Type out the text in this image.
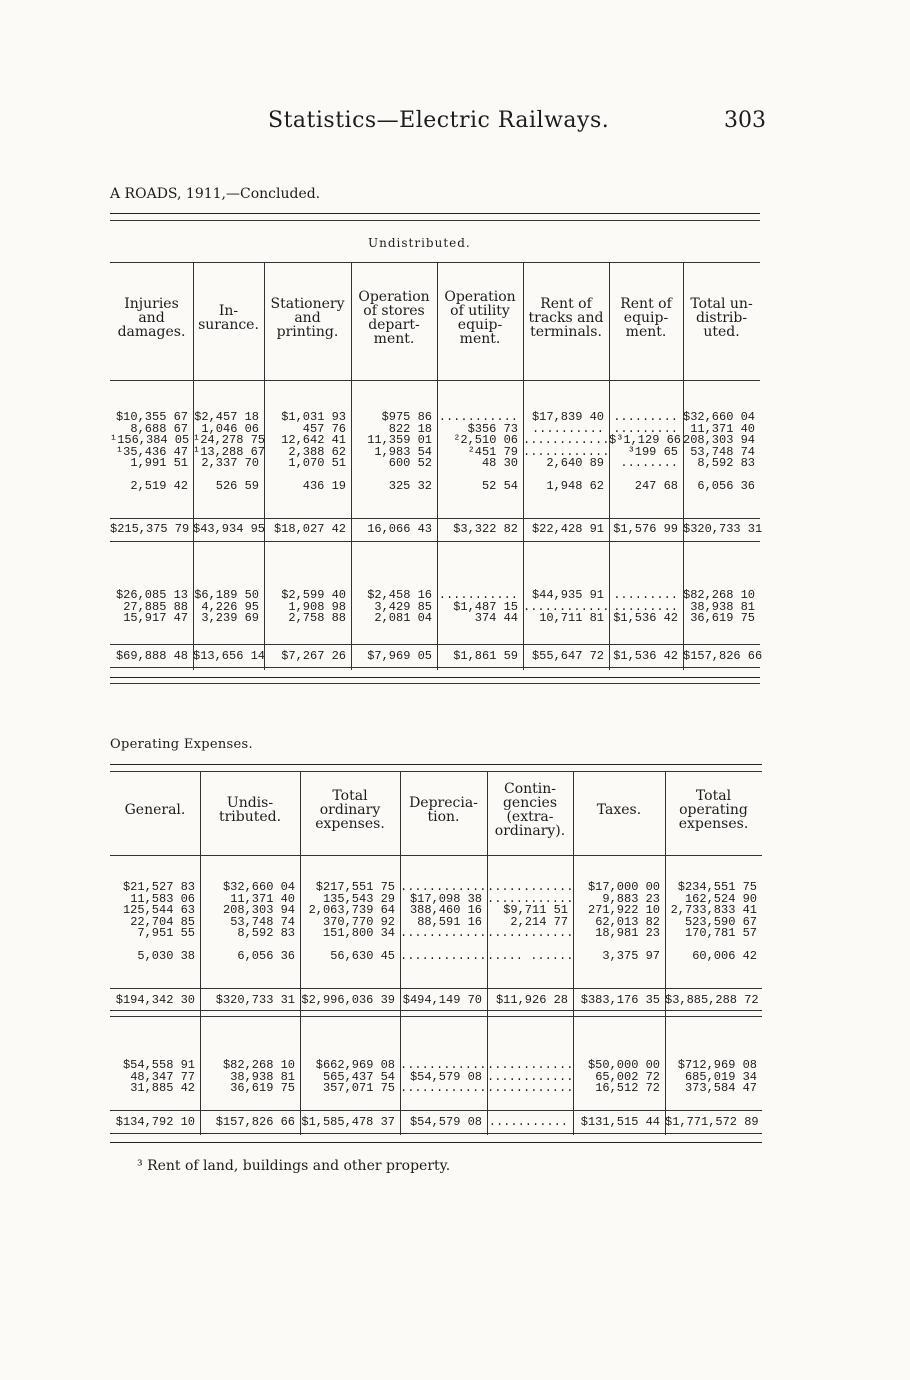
Statistics—Electric Railways.	303
A ROADS, 1911,—Concluded.
Undistributed.
Injuries
and
damages.
$10,355 67
8,688 67
¹156,384 05
¹35,436 47
1,991 51

2,519 42
$26,085 13
27,885 88
15,917 47
$215,375 79
$69,888 48
In-
surance.
$2,457 18
1,046 06
¹24,278 75
¹13,288 67
2,337 70

526 59
$6,189 50
4,226 95
3,239 69
$43,934 95
$13,656 14
Stationery
and
printing.
$1,031 93
457 76
12,642 41
2,388 62
1,070 51

436 19
$2,599 40
1,908 98
2,758 88
$18,027 42
$7,267 26
Operation
of stores
depart-
ment.
$975 86
822 18
11,359 01
1,983 54
600 52

325 32
$2,458 16
3,429 85
2,081 04
16,066 43
$7,969 05
Operation
of utility
equip-
ment.
...........
$356 73
²2,510 06
²451 79
48 30

52 54
...........
$1,487 15
374 44
$3,322 82
$1,861 59
Rent of
tracks and
terminals.
$17,839 40
..........
............
............
2,640 89

1,948 62
$44,935 91
............
10,711 81
$22,428 91
$55,647 72
Rent of
equip-
ment.
.........
.........
$³1,129 66
³199 65
........

247 68
.........
.........
$1,536 42
$1,576 99
$1,536 42
Total un-
distrib-
uted.
$32,660 04
11,371 40
208,303 94
53,748 74
8,592 83

6,056 36
$82,268 10
38,938 81
36,619 75
$320,733 31
$157,826 66
Operating Expenses.
General.
$21,527 83
11,583 06
125,544 63
22,704 85
7,951 55

5,030 38
$54,558 91
48,347 77
31,885 42
$194,342 30
$134,792 10
Undis-
tributed.
$32,660 04
11,371 40
208,303 94
53,748 74
8,592 83

6,056 36
$82,268 10
38,938 81
36,619 75
$320,733 31
$157,826 66
Total
ordinary
expenses.
$217,551 75
135,543 29
2,063,739 64
370,770 92
151,800 34

56,630 45
$662,969 08
565,437 54
357,071 75
$2,996,036 39
$1,585,478 37
Deprecia-
tion.
............
$17,098 38
388,460 16
88,591 16
............

............
............
$54,579 08
............
$494,149 70
$54,579 08
Contin-
gencies
(extra-
ordinary).
............
............
$9,711 51
2,214 77
............

..... ......
............
............
............
$11,926 28
...........
Taxes.
$17,000 00
9,883 23
271,922 10
62,013 82
18,981 23

3,375 97
$50,000 00
65,002 72
16,512 72
$383,176 35
$131,515 44
Total
operating
expenses.
$234,551 75
162,524 90
2,733,833 41
523,590 67
170,781 57

60,006 42
$712,969 08
685,019 34
373,584 47
$3,885,288 72
$1,771,572 89
³ Rent of land, buildings and other property.
